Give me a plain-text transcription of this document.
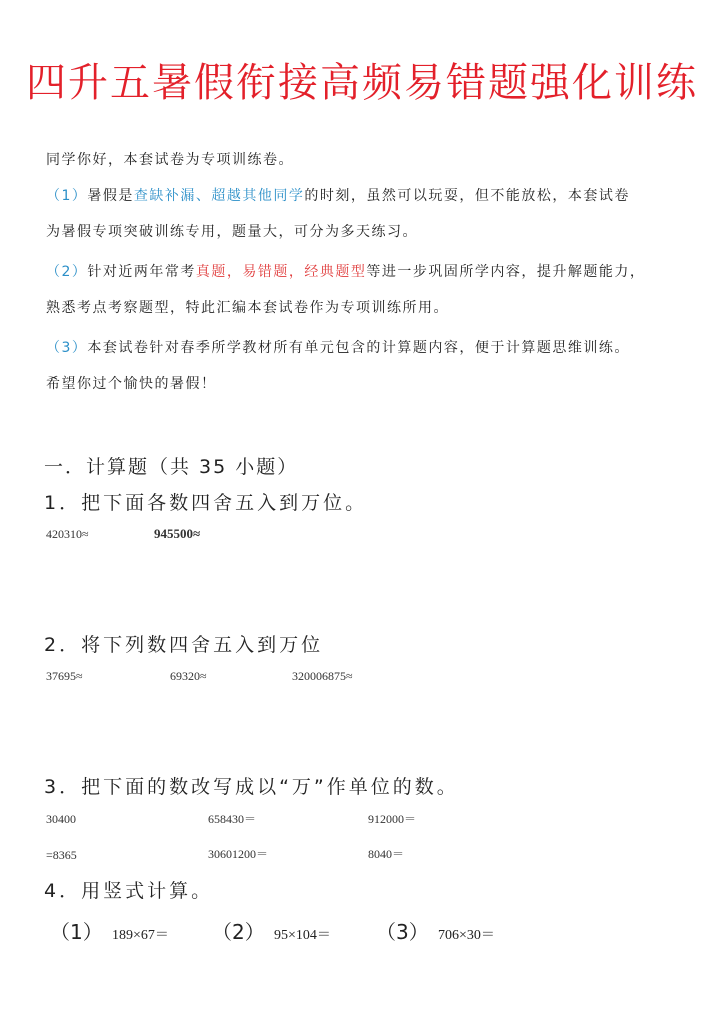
四升五暑假衔接高频易错题强化训练
同学你好，本套试卷为专项训练卷。
（1）暑假是查缺补漏、超越其他同学的时刻，虽然可以玩耍，但不能放松，本套试卷
为暑假专项突破训练专用，题量大，可分为多天练习。
（2）针对近两年常考真题，易错题，经典题型等进一步巩固所学内容，提升解题能力，
熟悉考点考察题型，特此汇编本套试卷作为专项训练所用。
（3）本套试卷针对春季所学教材所有单元包含的计算题内容，便于计算题思维训练。
希望你过个愉快的暑假！
一．计算题（共 35 小题）
1．把下面各数四舍五入到万位。
420310≈	945500≈
2．将下列数四舍五入到万位
37695≈	69320≈	320006875≈
3．把下面的数改写成以“万”作单位的数。
30400	658430＝	912000＝
=8365	30601200＝	8040＝
4．用竖式计算。
（1） 189×67＝ （2） 95×104＝ （3） 706×30＝
